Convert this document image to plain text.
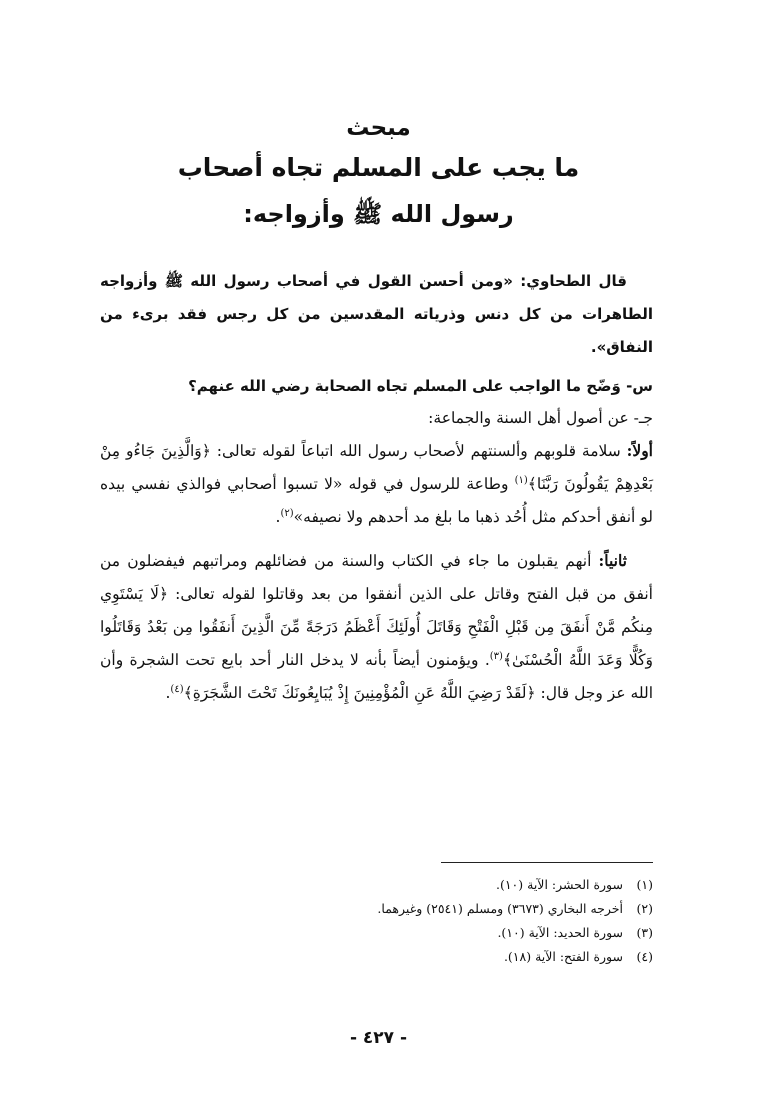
مبحث
ما يجب على المسلم تجاه أصحاب
رسول الله ﷺ وأزواجه:

قال الطحاوي: «ومن أحسن القول في أصحاب رسول الله ﷺ وأزواجه الطاهرات من كل دنس وذرياته المقدسين من كل رجس فقد برىء من النفاق».

س- وَضّح ما الواجب على المسلم تجاه الصحابة رضي الله عنهم؟

جـ- عن أصول أهل السنة والجماعة:

أولاً: سلامة قلوبهم وألسنتهم لأصحاب رسول الله اتباعاً لقوله تعالى: ﴿وَالَّذِينَ جَاءُو مِنْ بَعْدِهِمْ يَقُولُونَ رَبَّنَا﴾$^{(١)}$ وطاعة للرسول في قوله «لا تسبوا أصحابي فوالذي نفسي بيده لو أنفق أحدكم مثل أُحُد ذهبا ما بلغ مد أحدهم ولا نصيفه»$^{(٢)}$.

ثانياً: أنهم يقبلون ما جاء في الكتاب والسنة من فضائلهم ومراتبهم فيفضلون من أنفق من قبل الفتح وقاتل على الذين أنفقوا من بعد وقاتلوا لقوله تعالى: ﴿لَا يَسْتَوِي مِنكُم مَّنْ أَنفَقَ مِن قَبْلِ الْفَتْحِ وَقَاتَلَ أُولَئِكَ أَعْظَمُ دَرَجَةً مِّنَ الَّذِينَ أَنفَقُوا مِن بَعْدُ وَقَاتَلُوا وَكُلًّا وَعَدَ اللَّهُ الْحُسْنَىٰ﴾$^{(٣)}$. ويؤمنون أيضاً بأنه لا يدخل النار أحد بايع تحت الشجرة وأن الله عز وجل قال: ﴿لَقَدْ رَضِيَ اللَّهُ عَنِ الْمُؤْمِنِينَ إِذْ يُبَايِعُونَكَ تَحْتَ الشَّجَرَةِ﴾$^{(٤)}$.

(١)سورة الحشر: الآية (١٠).

(٢)أخرجه البخاري (٣٦٧٣) ومسلم (٢٥٤١) وغيرهما.

(٣)سورة الحديد: الآية (١٠).

(٤)سورة الفتح: الآية (١٨).

- ٤٢٧ -
